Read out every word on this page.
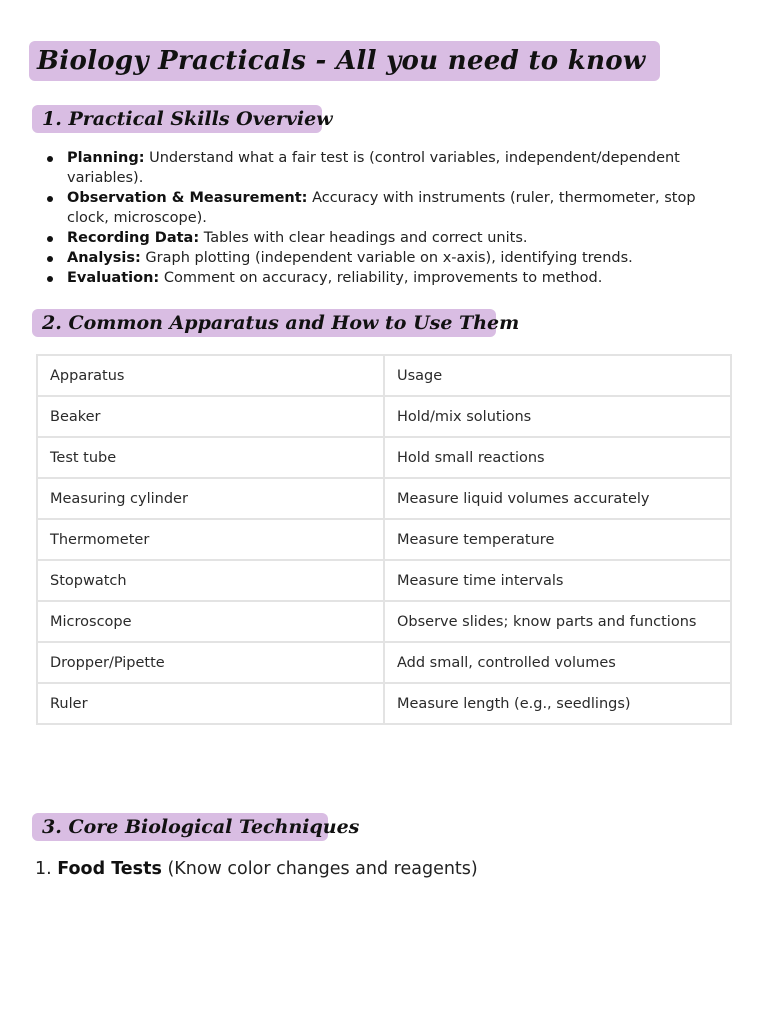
Biology Practicals - All you need to know
1. Practical Skills Overview
Planning: Understand what a fair test is (control variables, independent/dependent variables).
Observation & Measurement: Accuracy with instruments (ruler, thermometer, stop clock, microscope).
Recording Data: Tables with clear headings and correct units.
Analysis: Graph plotting (independent variable on x-axis), identifying trends.
Evaluation: Comment on accuracy, reliability, improvements to method.
2. Common Apparatus and How to Use Them
Apparatus	Usage
Beaker	Hold/mix solutions
Test tube	Hold small reactions
Measuring cylinder	Measure liquid volumes accurately
Thermometer	Measure temperature
Stopwatch	Measure time intervals
Microscope	Observe slides; know parts and functions
Dropper/Pipette	Add small, controlled volumes
Ruler	Measure length (e.g., seedlings)
3. Core Biological Techniques
1. Food Tests (Know color changes and reagents)
